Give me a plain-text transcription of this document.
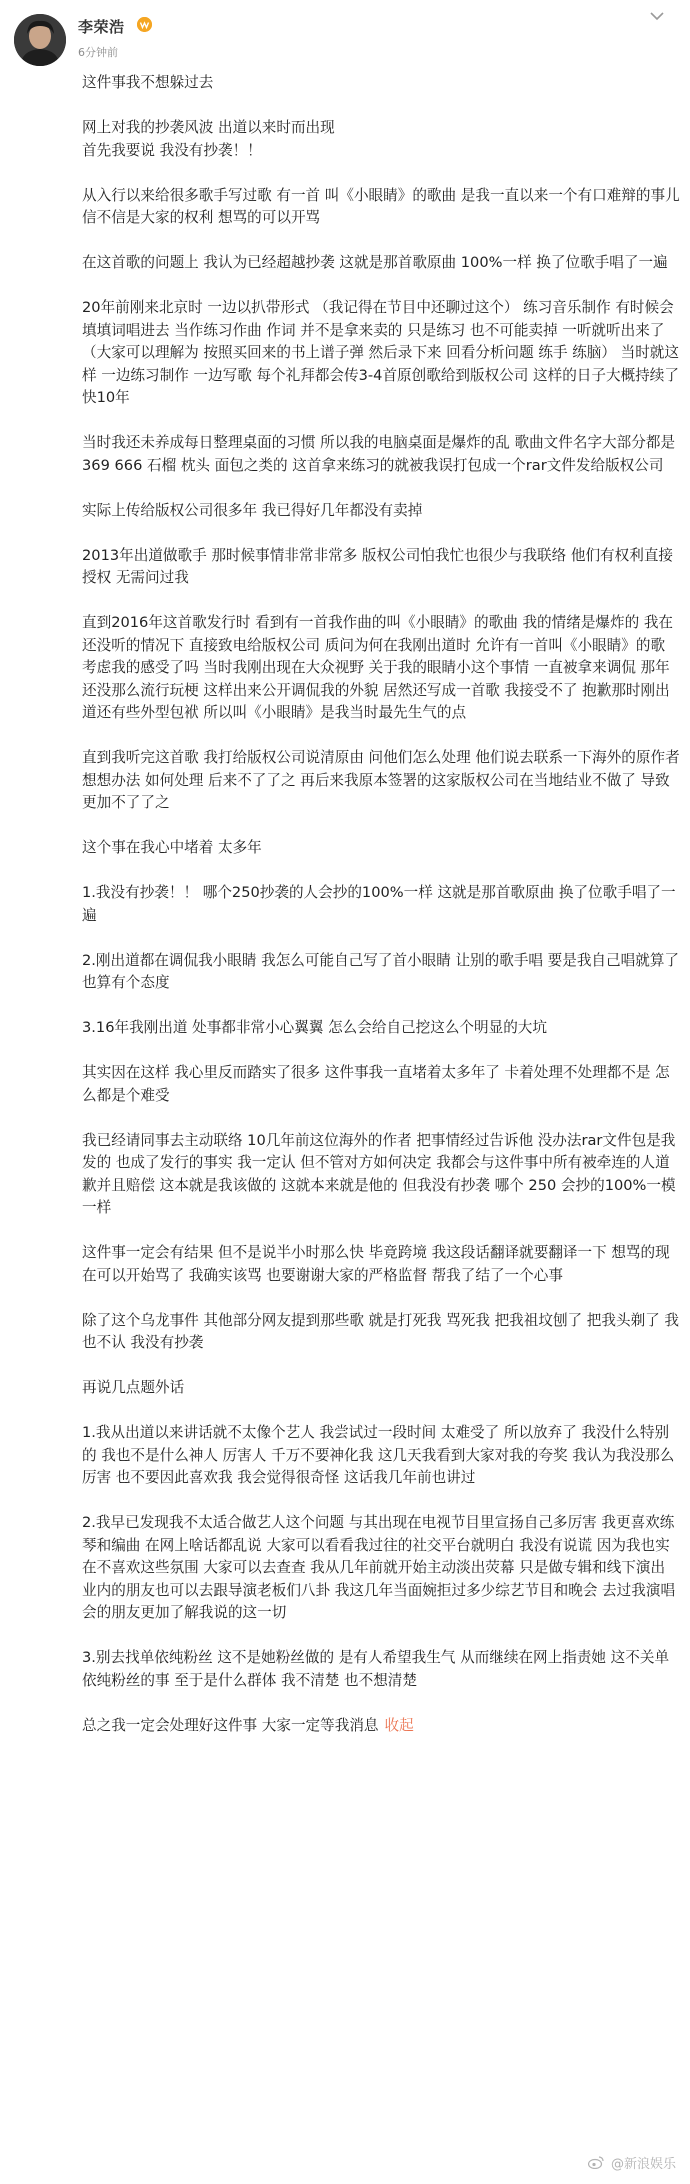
李荣浩
6分钟前
这件事我不想躲过去
网上对我的抄袭风波 出道以来时而出现
首先我要说 我没有抄袭！！
从入行以来给很多歌手写过歌 有一首 叫《小眼睛》的歌曲 是我一直以来一个有口难辩的事儿 信不信是大家的权利 想骂的可以开骂
在这首歌的问题上 我认为已经超越抄袭 这就是那首歌原曲 100%一样 换了位歌手唱了一遍
20年前刚来北京时 一边以扒带形式 （我记得在节目中还聊过这个） 练习音乐制作 有时候会填填词唱进去 当作练习作曲 作词 并不是拿来卖的 只是练习 也不可能卖掉 一听就听出来了 （大家可以理解为 按照买回来的书上谱子弹 然后录下来 回看分析问题 练手 练脑） 当时就这样 一边练习制作 一边写歌 每个礼拜都会传3-4首原创歌给到版权公司 这样的日子大概持续了快10年
当时我还未养成每日整理桌面的习惯 所以我的电脑桌面是爆炸的乱 歌曲文件名字大部分都是 369 666 石榴 枕头 面包之类的 这首拿来练习的就被我误打包成一个rar文件发给版权公司
实际上传给版权公司很多年 我已得好几年都没有卖掉
2013年出道做歌手 那时候事情非常非常多 版权公司怕我忙也很少与我联络 他们有权利直接授权 无需问过我
直到2016年这首歌发行时 看到有一首我作曲的叫《小眼睛》的歌曲 我的情绪是爆炸的 我在还没听的情况下 直接致电给版权公司 质问为何在我刚出道时 允许有一首叫《小眼睛》的歌 考虑我的感受了吗 当时我刚出现在大众视野 关于我的眼睛小这个事情 一直被拿来调侃 那年还没那么流行玩梗 这样出来公开调侃我的外貌 居然还写成一首歌 我接受不了 抱歉那时刚出道还有些外型包袱 所以叫《小眼睛》是我当时最先生气的点
直到我听完这首歌 我打给版权公司说清原由 问他们怎么处理 他们说去联系一下海外的原作者 想想办法 如何处理 后来不了了之 再后来我原本签署的这家版权公司在当地结业不做了 导致更加不了了之
这个事在我心中堵着 太多年
1.我没有抄袭！！ 哪个250抄袭的人会抄的100%一样 这就是那首歌原曲 换了位歌手唱了一遍
2.刚出道都在调侃我小眼睛 我怎么可能自己写了首小眼睛 让别的歌手唱 要是我自己唱就算了 也算有个态度
3.16年我刚出道 处事都非常小心翼翼 怎么会给自己挖这么个明显的大坑
其实因在这样 我心里反而踏实了很多 这件事我一直堵着太多年了 卡着处理不处理都不是 怎么都是个难受
我已经请同事去主动联络 10几年前这位海外的作者 把事情经过告诉他 没办法rar文件包是我发的 也成了发行的事实 我一定认 但不管对方如何决定 我都会与这件事中所有被牵连的人道歉并且赔偿 这本就是我该做的 这就本来就是他的 但我没有抄袭 哪个 250 会抄的100%一模一样
这件事一定会有结果 但不是说半小时那么快 毕竟跨境 我这段话翻译就要翻译一下 想骂的现在可以开始骂了 我确实该骂 也要谢谢大家的严格监督 帮我了结了一个心事
除了这个乌龙事件 其他部分网友提到那些歌 就是打死我 骂死我 把我祖坟刨了 把我头剃了 我也不认 我没有抄袭
再说几点题外话
1.我从出道以来讲话就不太像个艺人 我尝试过一段时间 太难受了 所以放弃了 我没什么特别的 我也不是什么神人 厉害人 千万不要神化我 这几天我看到大家对我的夸奖 我认为我没那么厉害 也不要因此喜欢我 我会觉得很奇怪 这话我几年前也讲过
2.我早已发现我不太适合做艺人这个问题 与其出现在电视节目里宣扬自己多厉害 我更喜欢练琴和编曲 在网上啥话都乱说 大家可以看看我过往的社交平台就明白 我没有说谎 因为我也实在不喜欢这些氛围 大家可以去查查 我从几年前就开始主动淡出荧幕 只是做专辑和线下演出 业内的朋友也可以去跟导演老板们八卦 我这几年当面婉拒过多少综艺节目和晚会 去过我演唱会的朋友更加了解我说的这一切
3.别去找单依纯粉丝 这不是她粉丝做的 是有人希望我生气 从而继续在网上指责她 这不关单依纯粉丝的事 至于是什么群体 我不清楚 也不想清楚
总之我一定会处理好这件事 大家一定等我消息 收起
@新浪娱乐
